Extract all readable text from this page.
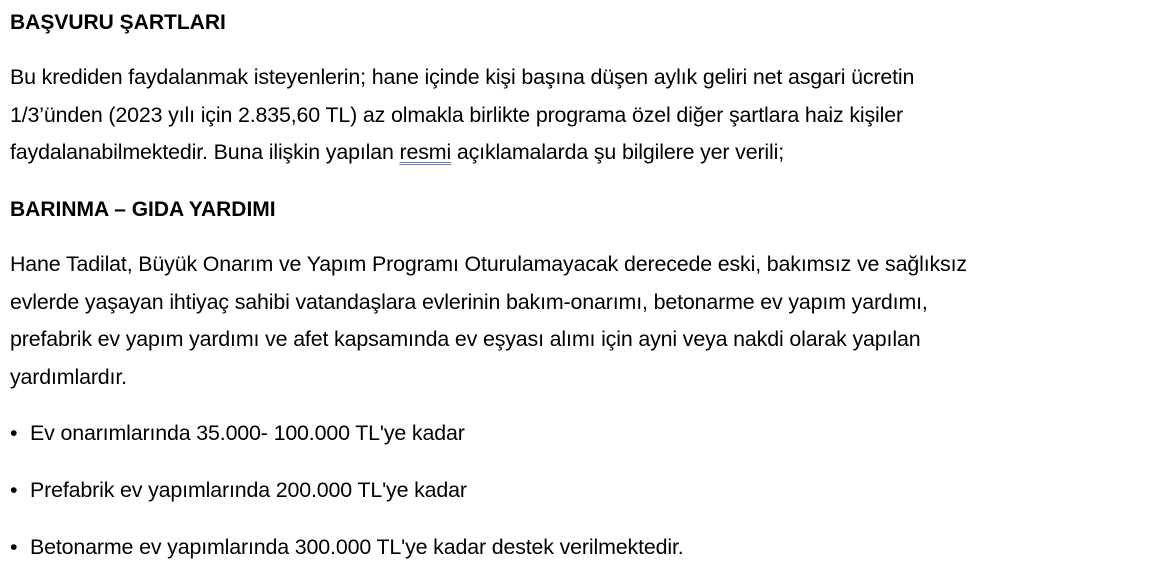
BAŞVURU ŞARTLARI
Bu krediden faydalanmak isteyenlerin; hane içinde kişi başına düşen aylık geliri net asgari ücretin
1/3’ünden (2023 yılı için 2.835,60 TL) az olmakla birlikte programa özel diğer şartlara haiz kişiler
faydalanabilmektedir. Buna ilişkin yapılan resmi açıklamalarda şu bilgilere yer verili;
BARINMA – GIDA YARDIMI
Hane Tadilat, Büyük Onarım ve Yapım Programı Oturulamayacak derecede eski, bakımsız ve sağlıksız
evlerde yaşayan ihtiyaç sahibi vatandaşlara evlerinin bakım-onarımı, betonarme ev yapım yardımı,
prefabrik ev yapım yardımı ve afet kapsamında ev eşyası alımı için ayni veya nakdi olarak yapılan
yardımlardır.
• Ev onarımlarında 35.000- 100.000 TL'ye kadar
• Prefabrik ev yapımlarında 200.000 TL'ye kadar
• Betonarme ev yapımlarında 300.000 TL'ye kadar destek verilmektedir.
